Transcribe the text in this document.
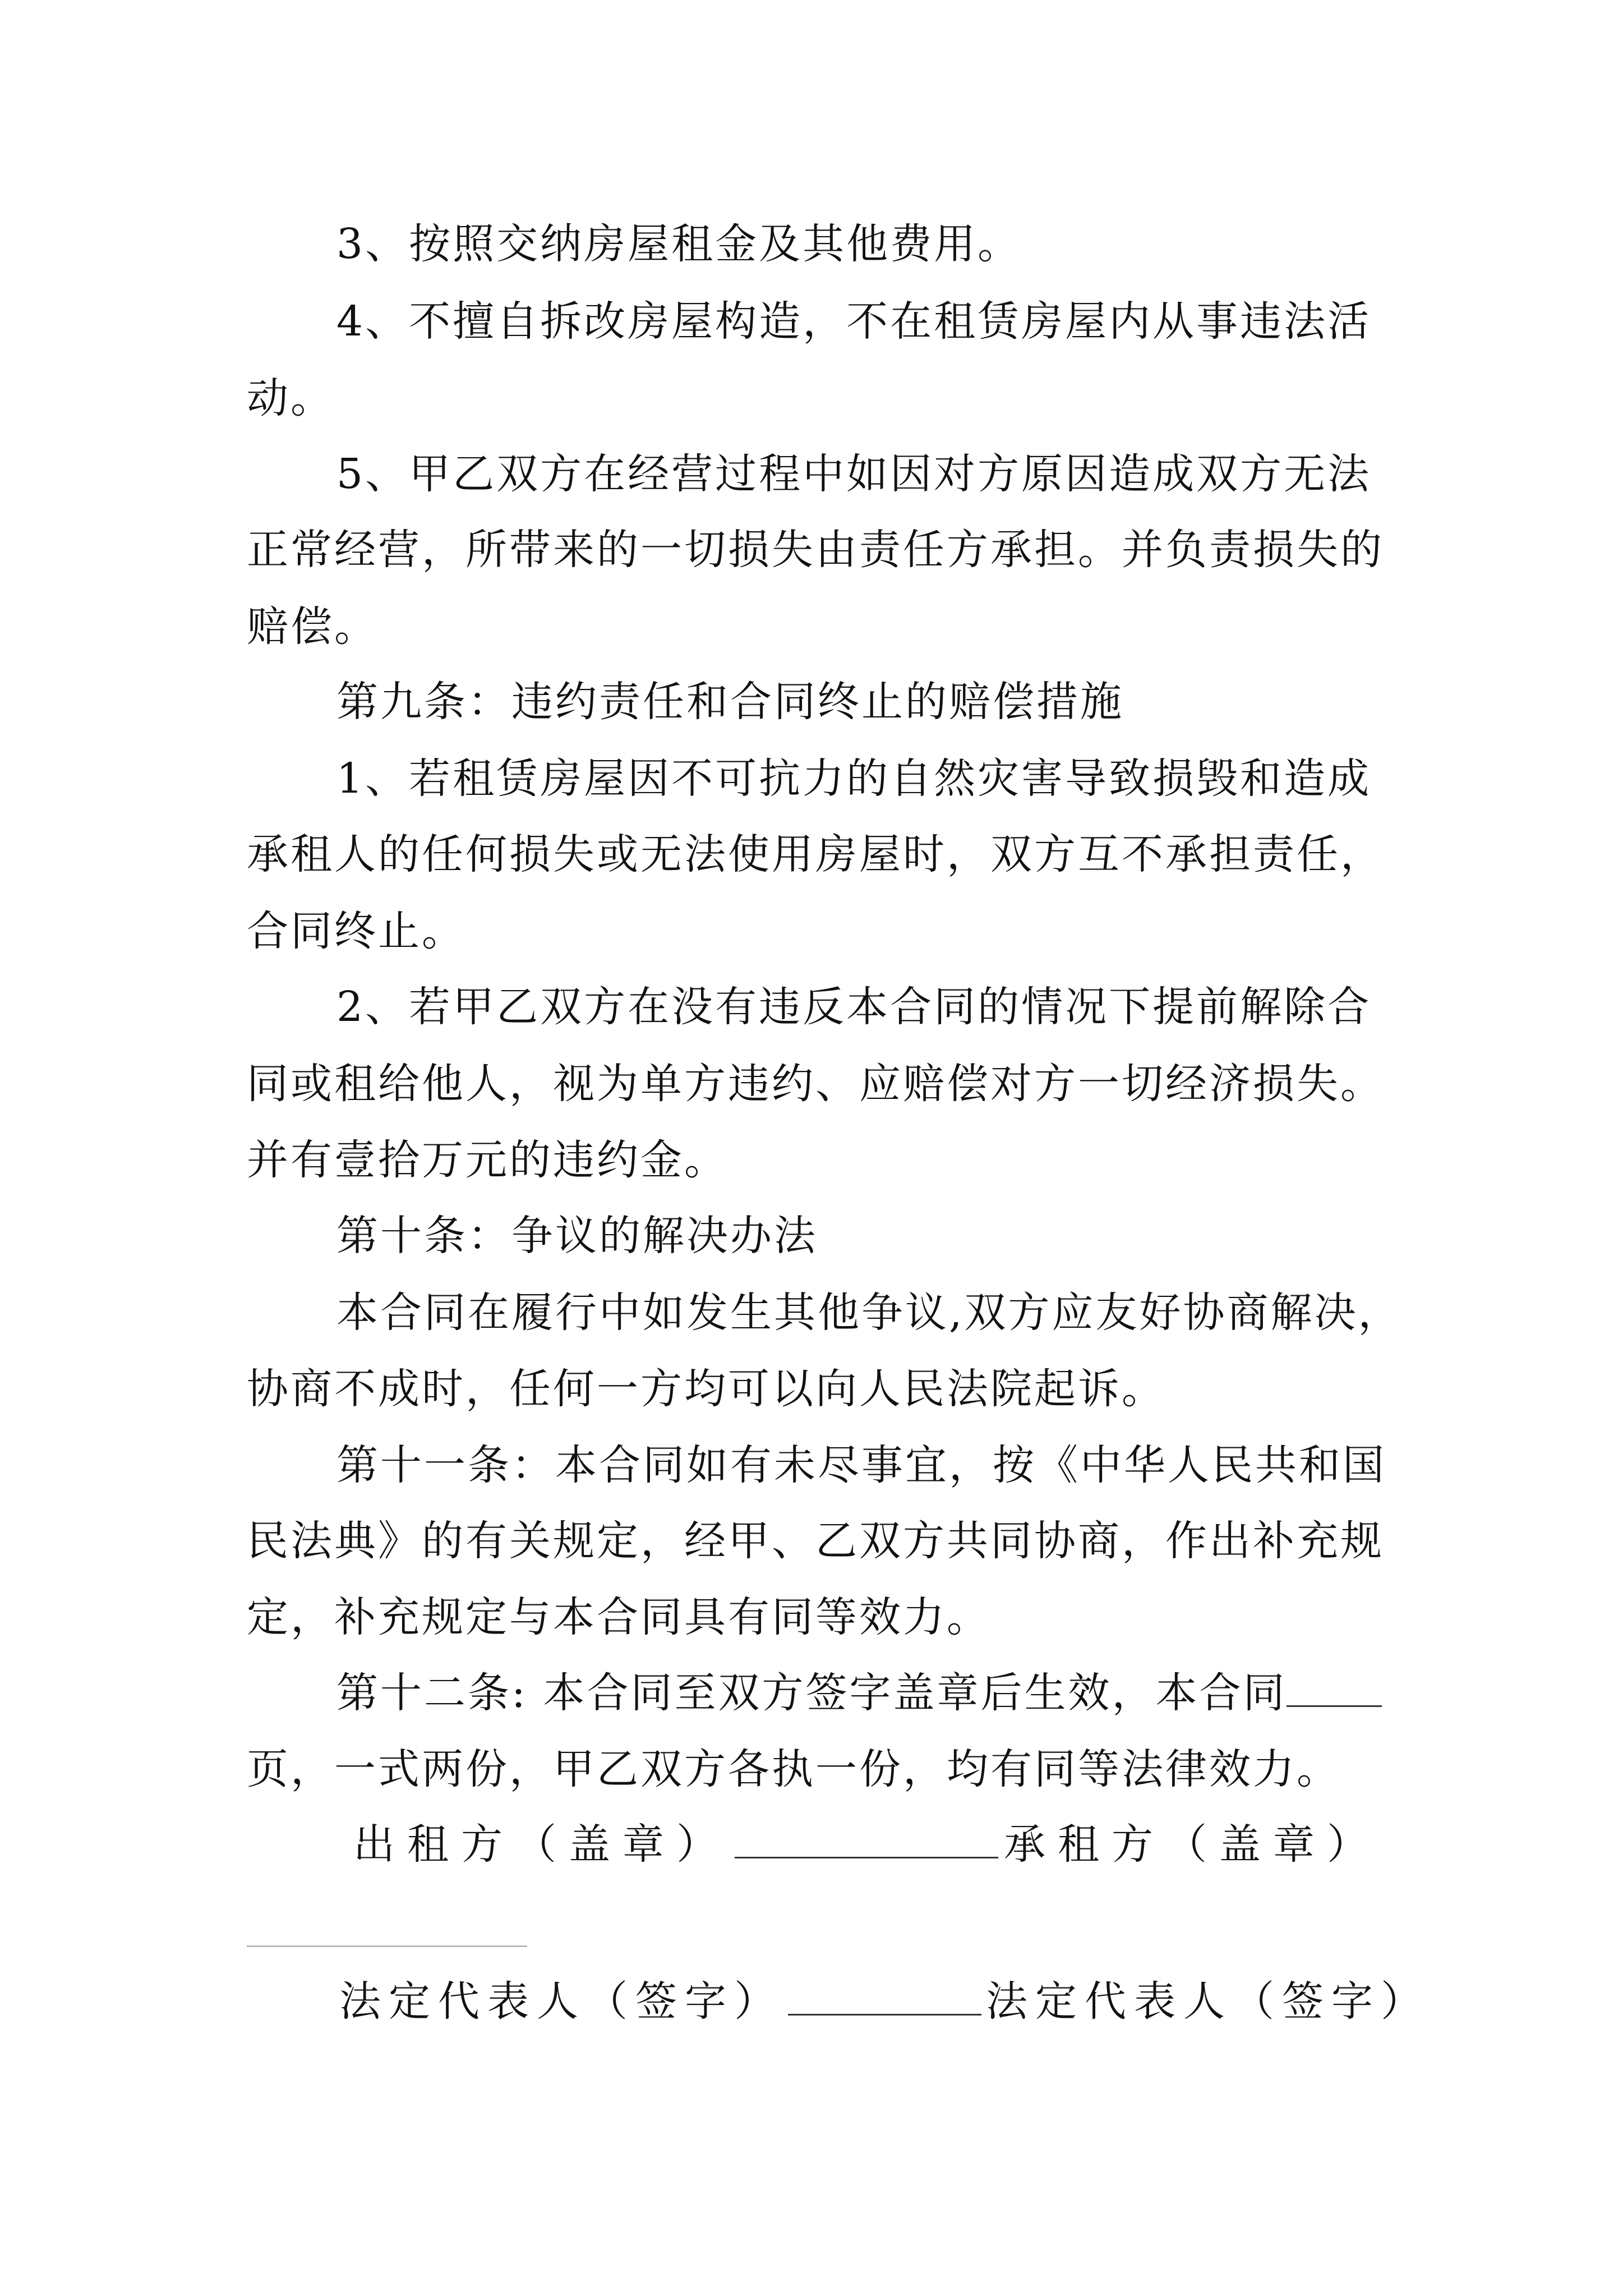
3、按照交纳房屋租金及其他费用。
4、不擅自拆改房屋构造，不在租赁房屋内从事违法活
动。
5、甲乙双方在经营过程中如因对方原因造成双方无法
正常经营，所带来的一切损失由责任方承担。并负责损失的
赔偿。
第九条：违约责任和合同终止的赔偿措施
1、若租赁房屋因不可抗力的自然灾害导致损毁和造成
承租人的任何损失或无法使用房屋时，双方互不承担责任，
合同终止。
2、若甲乙双方在没有违反本合同的情况下提前解除合
同或租给他人，视为单方违约、应赔偿对方一切经济损失。
并有壹拾万元的违约金。
第十条：争议的解决办法
本合同在履行中如发生其他争议,双方应友好协商解决，
协商不成时，任何一方均可以向人民法院起诉。
第十一条：本合同如有未尽事宜，按《中华人民共和国
民法典》的有关规定，经甲、乙双方共同协商，作出补充规
定，补充规定与本合同具有同等效力。
第十二条: 本合同至双方签字盖章后生效，本合同
页，一式两份，甲乙双方各执一份，均有同等法律效力。
出租方（盖章）	承租方（盖章）
法定代表人（签字）	法定代表人（签字）
